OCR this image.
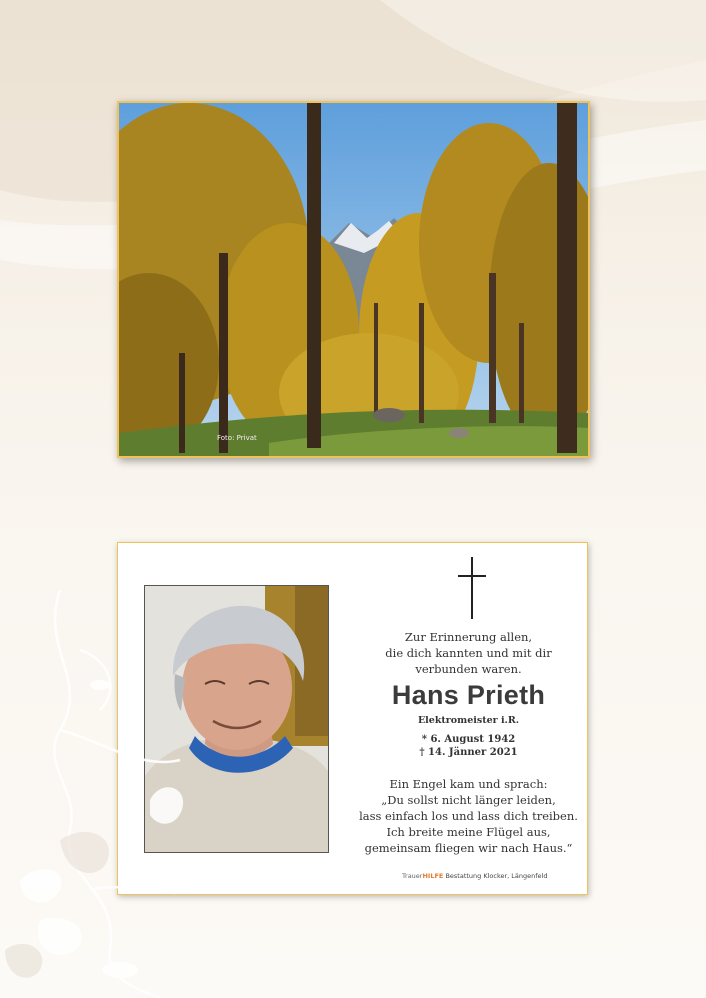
Foto: Privat
Zur Erinnerung allen,
die dich kannten und mit dir
verbunden waren.
Hans Prieth
Elektromeister i.R.
* 6. August 1942
† 14. Jänner 2021
Ein Engel kam und sprach:
„Du sollst nicht länger leiden,
lass einfach los und lass dich treiben.
Ich breite meine Flügel aus,
gemeinsam fliegen wir nach Haus.“
TrauerHILFE Bestattung Klocker, Längenfeld
